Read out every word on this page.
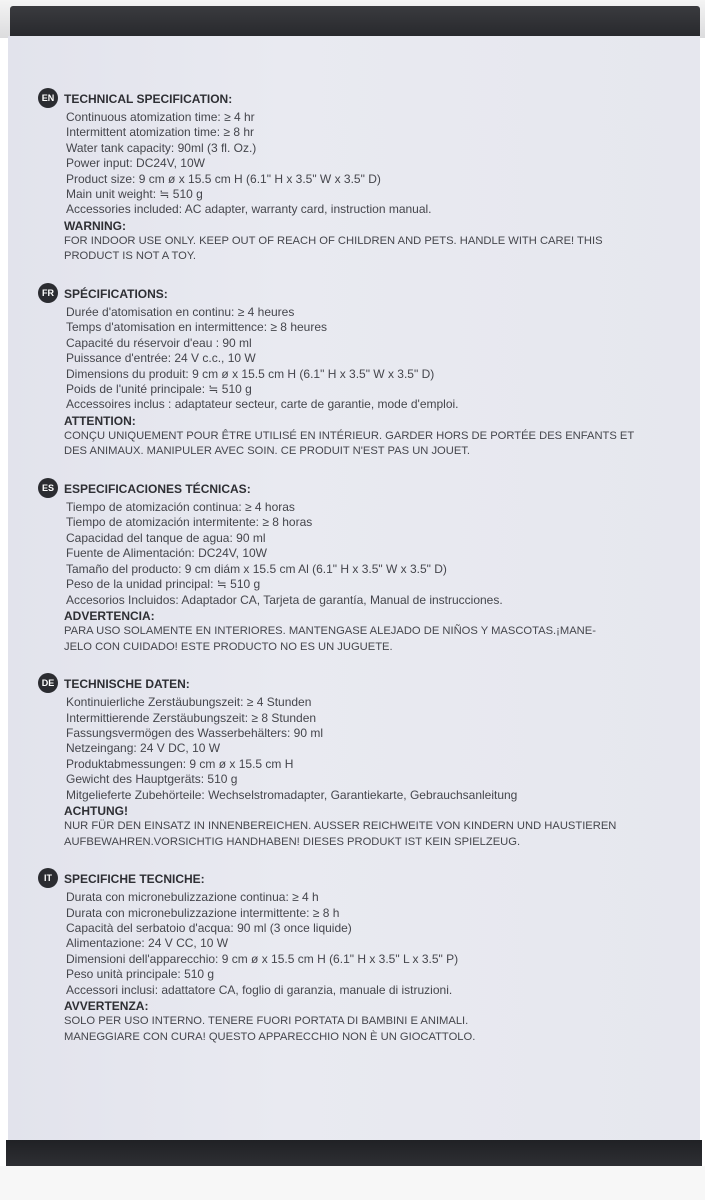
EN TECHNICAL SPECIFICATION:
Continuous atomization time: ≥ 4 hr
Intermittent atomization time: ≥ 8 hr
Water tank capacity: 90ml (3 fl. Oz.)
Power input: DC24V, 10W
Product size: 9 cm ø x 15.5 cm H (6.1" H x 3.5" W x 3.5" D)
Main unit weight: ≒ 510 g
Accessories included: AC adapter, warranty card, instruction manual.
WARNING:
FOR INDOOR USE ONLY. KEEP OUT OF REACH OF CHILDREN AND PETS. HANDLE WITH CARE! THIS
PRODUCT IS NOT A TOY.
FR SPÉCIFICATIONS:
Durée d'atomisation en continu: ≥ 4 heures
Temps d'atomisation en intermittence: ≥ 8 heures
Capacité du réservoir d'eau : 90 ml
Puissance d'entrée: 24 V c.c., 10 W
Dimensions du produit: 9 cm ø x 15.5 cm H (6.1" H x 3.5" W x 3.5" D)
Poids de l'unité principale: ≒ 510 g
Accessoires inclus : adaptateur secteur, carte de garantie, mode d'emploi.
ATTENTION:
CONÇU UNIQUEMENT POUR ÊTRE UTILISÉ EN INTÉRIEUR. GARDER HORS DE PORTÉE DES ENFANTS ET
DES ANIMAUX. MANIPULER AVEC SOIN. CE PRODUIT N'EST PAS UN JOUET.
ES ESPECIFICACIONES TÉCNICAS:
Tiempo de atomización continua: ≥ 4 horas
Tiempo de atomización intermitente: ≥ 8 horas
Capacidad del tanque de agua: 90 ml
Fuente de Alimentación: DC24V, 10W
Tamaño del producto: 9 cm diám x 15.5 cm Al (6.1" H x 3.5" W x 3.5" D)
Peso de la unidad principal: ≒ 510 g
Accesorios Incluidos: Adaptador CA, Tarjeta de garantía, Manual de instrucciones.
ADVERTENCIA:
PARA USO SOLAMENTE EN INTERIORES. MANTENGASE ALEJADO DE NIÑOS Y MASCOTAS.¡MANE-
JELO CON CUIDADO! ESTE PRODUCTO NO ES UN JUGUETE.
DE TECHNISCHE DATEN:
Kontinuierliche Zerstäubungszeit: ≥ 4 Stunden
Intermittierende Zerstäubungszeit: ≥ 8 Stunden
Fassungsvermögen des Wasserbehälters: 90 ml
Netzeingang: 24 V DC, 10 W
Produktabmessungen: 9 cm ø x 15.5 cm H
Gewicht des Hauptgeräts: 510 g
Mitgelieferte Zubehörteile: Wechselstromadapter, Garantiekarte, Gebrauchsanleitung
ACHTUNG!
NUR FÜR DEN EINSATZ IN INNENBEREICHEN. AUSSER REICHWEITE VON KINDERN UND HAUSTIEREN
AUFBEWAHREN.VORSICHTIG HANDHABEN! DIESES PRODUKT IST KEIN SPIELZEUG.
IT	SPECIFICHE TECNICHE:
Durata con micronebulizzazione continua: ≥ 4 h
Durata con micronebulizzazione intermittente: ≥ 8 h
Capacità del serbatoio d'acqua: 90 ml (3 once liquide)
Alimentazione: 24 V CC, 10 W
Dimensioni dell'apparecchio: 9 cm ø x 15.5 cm H (6.1" H x 3.5" L x 3.5" P)
Peso unità principale: 510 g
Accessori inclusi: adattatore CA, foglio di garanzia, manuale di istruzioni.
AVVERTENZA:
SOLO PER USO INTERNO. TENERE FUORI PORTATA DI BAMBINI E ANIMALI.
MANEGGIARE CON CURA! QUESTO APPARECCHIO NON È UN GIOCATTOLO.
